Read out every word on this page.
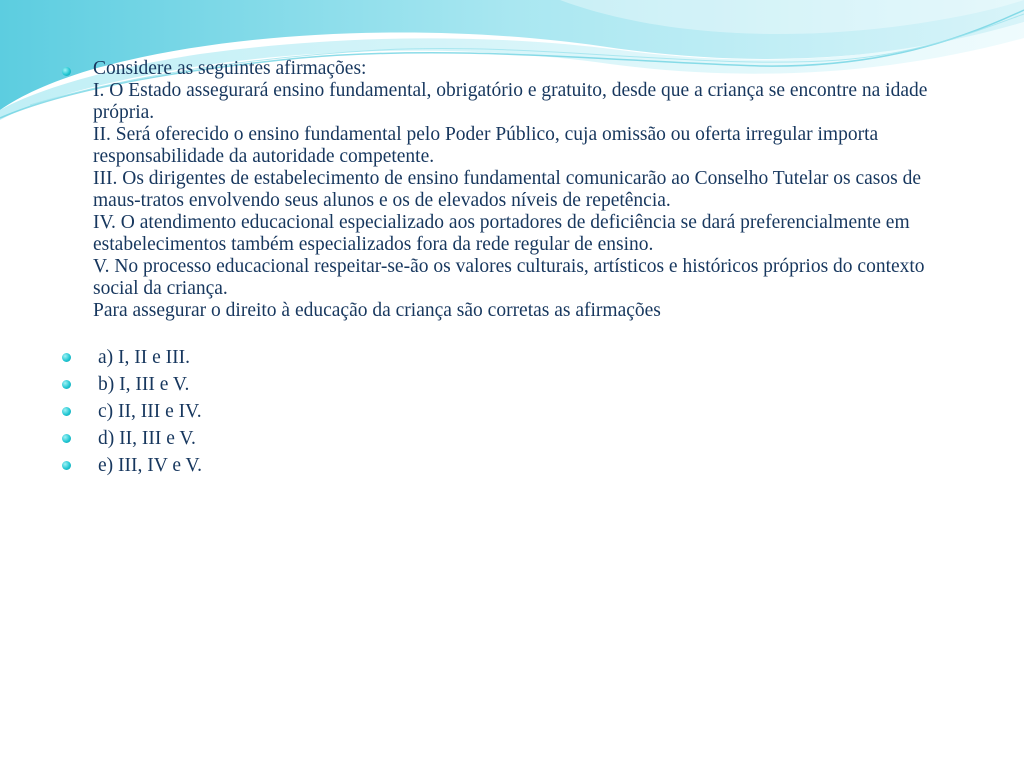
Considere as seguintes afirmações:

I. O Estado assegurará ensino fundamental, obrigatório e gratuito, desde que a criança se encontre na idade própria.

II. Será oferecido o ensino fundamental pelo Poder Público, cuja omissão ou oferta irregular importa responsabilidade da autoridade competente.

III. Os dirigentes de estabelecimento de ensino fundamental comunicarão ao Conselho Tutelar os casos de maus-tratos envolvendo seus alunos e os de elevados níveis de repetência.

IV. O atendimento educacional especializado aos portadores de deficiência se dará preferencialmente em estabelecimentos também especializados fora da rede regular de ensino.

V. No processo educacional respeitar-se-ão os valores culturais, artísticos e históricos próprios do contexto social da criança.

Para assegurar o direito à educação da criança são corretas as afirmações

a) I, II e III.
b) I, III e V.
c) II, III e IV.
d) II, III e V.
e) III, IV e V.
